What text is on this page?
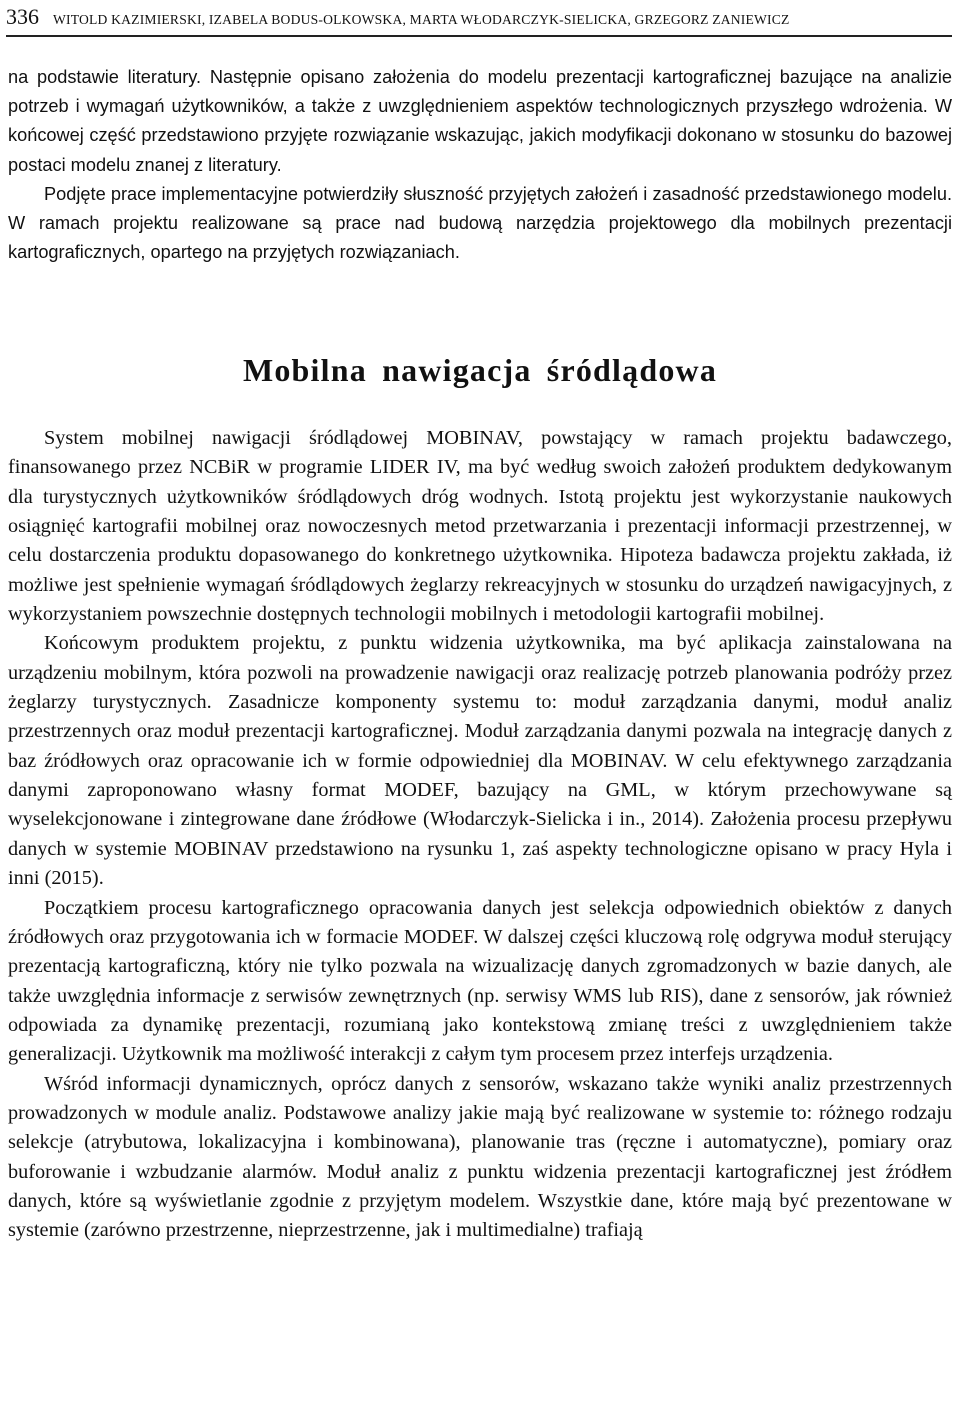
336 WITOLD KAZIMIERSKI, IZABELA BODUS-OLKOWSKA, MARTA WŁODARCZYK-SIELICKA, GRZEGORZ ZANIEWICZ

na podstawie literatury. Następnie opisano założenia do modelu prezentacji kartograficznej bazujące na analizie potrzeb i wymagań użytkowników, a także z uwzględnieniem aspektów technologicznych przyszłego wdrożenia. W końcowej część przedstawiono przyjęte rozwiązanie wskazując, jakich modyfikacji dokonano w stosunku do bazowej postaci modelu znanej z literatury.

Podjęte prace implementacyjne potwierdziły słuszność przyjętych założeń i zasadność przedstawionego modelu. W ramach projektu realizowane są prace nad budową narzędzia projektowego dla mobilnych prezentacji kartograficznych, opartego na przyjętych rozwiązaniach.

Mobilna nawigacja śródlądowa

System mobilnej nawigacji śródlądowej MOBINAV, powstający w ramach projektu badawczego, finansowanego przez NCBiR w programie LIDER IV, ma być według swoich założeń produktem dedykowanym dla turystycznych użytkowników śródlądowych dróg wodnych. Istotą projektu jest wykorzystanie naukowych osiągnięć kartografii mobilnej oraz nowoczesnych metod przetwarzania i prezentacji informacji przestrzennej, w celu dostarczenia produktu dopasowanego do konkretnego użytkownika. Hipoteza badawcza projektu zakłada, iż możliwe jest spełnienie wymagań śródlądowych żeglarzy rekreacyjnych w stosunku do urządzeń nawigacyjnych, z wykorzystaniem powszechnie dostępnych technologii mobilnych i metodologii kartografii mobilnej.

Końcowym produktem projektu, z punktu widzenia użytkownika, ma być aplikacja zainstalowana na urządzeniu mobilnym, która pozwoli na prowadzenie nawigacji oraz realizację potrzeb planowania podróży przez żeglarzy turystycznych. Zasadnicze komponenty systemu to: moduł zarządzania danymi, moduł analiz przestrzennych oraz moduł prezentacji kartograficznej. Moduł zarządzania danymi pozwala na integrację danych z baz źródłowych oraz opracowanie ich w formie odpowiedniej dla MOBINAV. W celu efektywnego zarządzania danymi zaproponowano własny format MODEF, bazujący na GML, w którym przechowywane są wyselekcjonowane i zintegrowane dane źródłowe (Włodarczyk-Sielicka i in., 2014). Założenia procesu przepływu danych w systemie MOBINAV przedstawiono na rysunku 1, zaś aspekty technologiczne opisano w pracy Hyla i inni (2015).

Początkiem procesu kartograficznego opracowania danych jest selekcja odpowiednich obiektów z danych źródłowych oraz przygotowania ich w formacie MODEF. W dalszej części kluczową rolę odgrywa moduł sterujący prezentacją kartograficzną, który nie tylko pozwala na wizualizację danych zgromadzonych w bazie danych, ale także uwzględnia informacje z serwisów zewnętrznych (np. serwisy WMS lub RIS), dane z sensorów, jak również odpowiada za dynamikę prezentacji, rozumianą jako kontekstową zmianę treści z uwzględnieniem także generalizacji. Użytkownik ma możliwość interakcji z całym tym procesem przez interfejs urządzenia.

Wśród informacji dynamicznych, oprócz danych z sensorów, wskazano także wyniki analiz przestrzennych prowadzonych w module analiz. Podstawowe analizy jakie mają być realizowane w systemie to: różnego rodzaju selekcje (atrybutowa, lokalizacyjna i kombinowana), planowanie tras (ręczne i automatyczne), pomiary oraz buforowanie i wzbudzanie alarmów. Moduł analiz z punktu widzenia prezentacji kartograficznej jest źródłem danych, które są wyświetlanie zgodnie z przyjętym modelem. Wszystkie dane, które mają być prezentowane w systemie (zarówno przestrzenne, nieprzestrzenne, jak i multimedialne) trafiają
